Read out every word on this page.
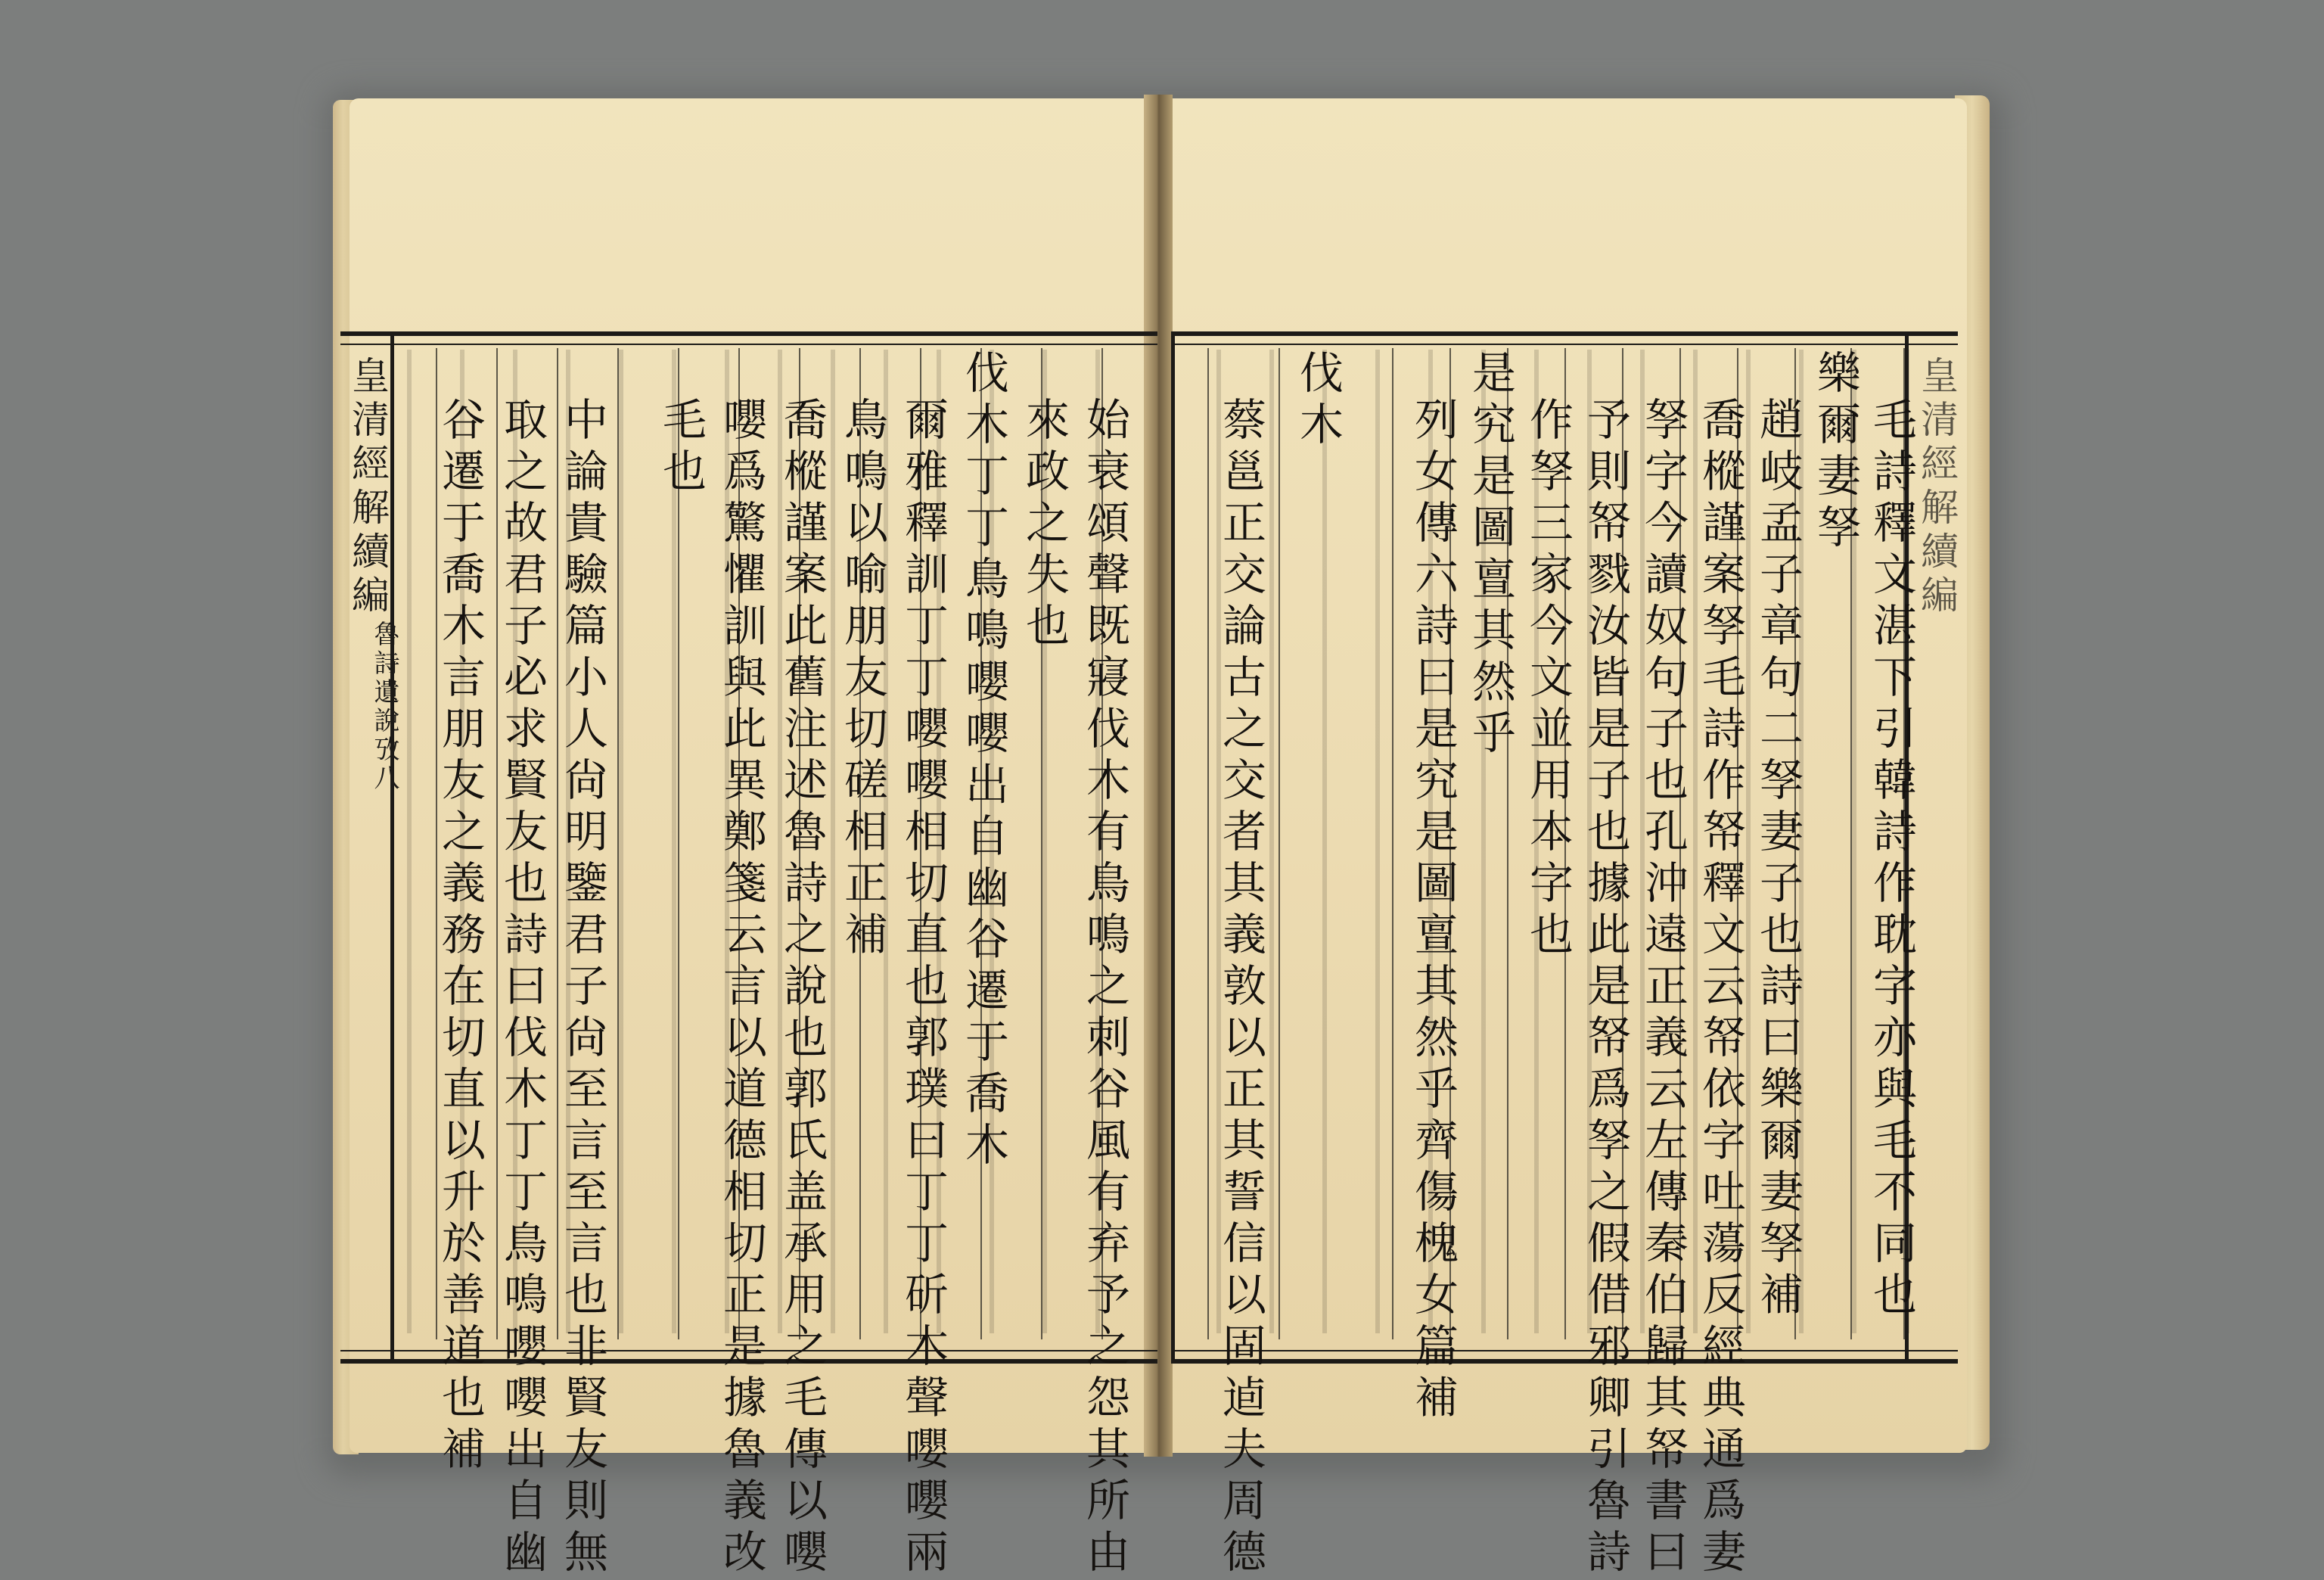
皇清經解續編
魯詩遺說攷八
皇清經解續編
始衰頌聲既寢伐木有鳥鳴之刺谷風有弃予之怨其所由
來政之失也
伐木丁丁鳥鳴嚶嚶出自幽谷遷于喬木
爾雅釋訓丁丁嚶嚶相切直也郭璞曰丁丁斫木聲嚶嚶兩
鳥鳴以喻朋友切磋相正補
喬樅謹案此舊注述魯詩之說也郭氏盖承用之毛傳以嚶
嚶爲驚懼訓與此異鄭箋云言以道德相切正是據魯義改
毛也
中論貴驗篇小人尙明鑒君子尙至言至言也非賢友則無
取之故君子必求賢友也詩曰伐木丁丁鳥鳴嚶嚶出自幽
谷遷于喬木言朋友之義務在切直以升於善道也補	毛詩釋文湛下引韓詩作耽字亦與毛不同也
樂爾妻孥
趙岐孟子章句二孥妻子也詩曰樂爾妻孥補
喬樅謹案孥毛詩作帑釋文云帑依字吐蕩反經典通爲妻
孥字今讀奴句子也孔沖遠正義云左傳秦伯歸其帑書曰
予則帑戮汝皆是子也據此是帑爲孥之假借邪卿引魯詩
作孥三家今文並用本字也
是究是圖亶其然乎
列女傳六詩曰是究是圖亶其然乎齊傷槐女篇補
伐木
蔡邕正交論古之交者其義敦以正其誓信以固逌夫周德
